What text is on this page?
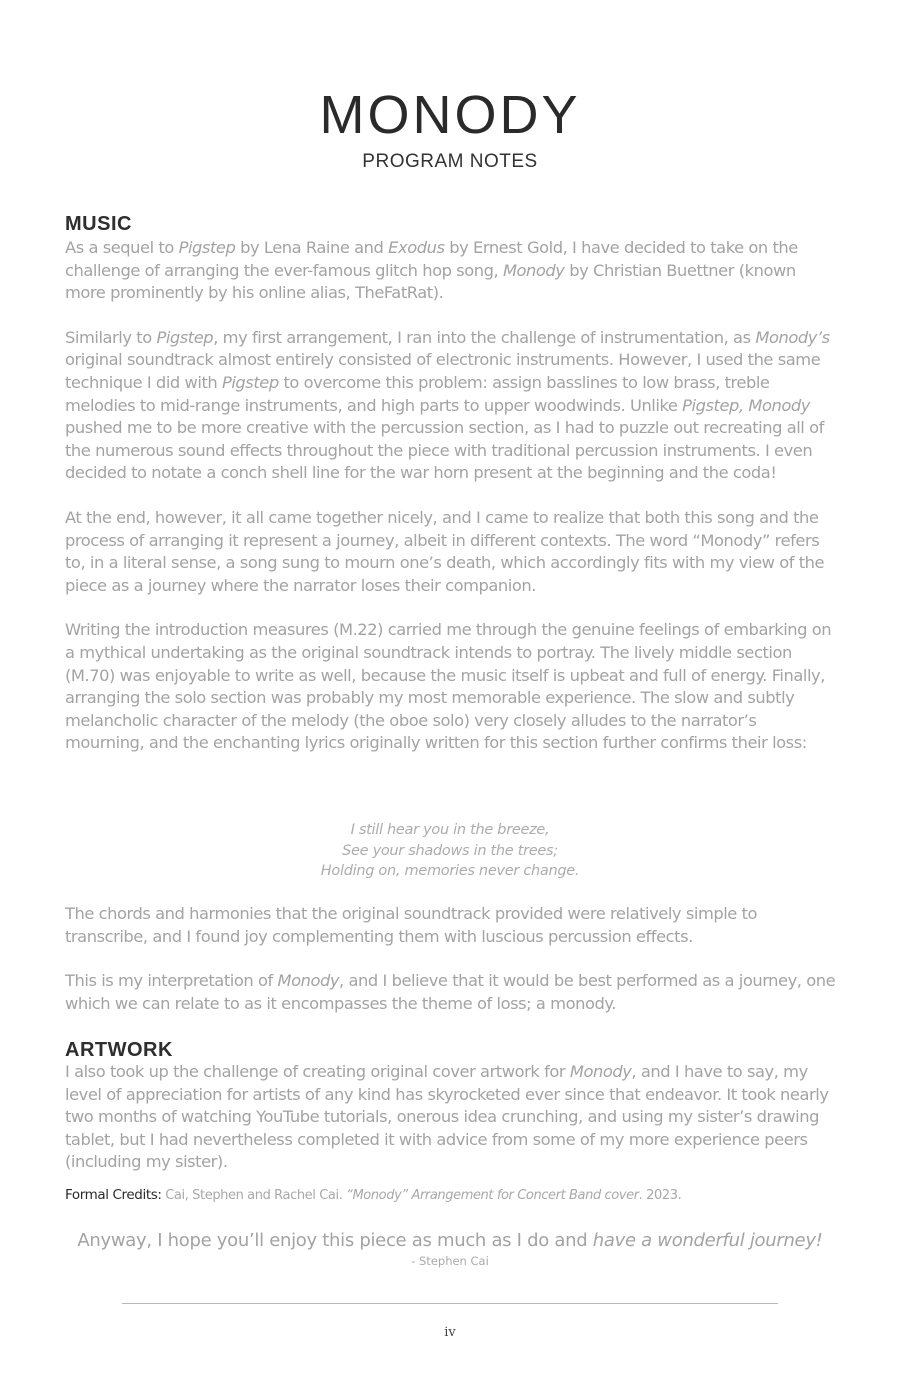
MONODY
PROGRAM NOTES
MUSIC

As a sequel to Pigstep by Lena Raine and Exodus by Ernest Gold, I have decided to take on the challenge of arranging the ever-famous glitch hop song, Monody by Christian Buettner (known more prominently by his online alias, TheFatRat).

Similarly to Pigstep, my first arrangement, I ran into the challenge of instrumentation, as Monody’s original soundtrack almost entirely consisted of electronic instruments. However, I used the same technique I did with Pigstep to overcome this problem: assign basslines to low brass, treble melodies to mid-range instruments, and high parts to upper woodwinds. Unlike Pigstep, Monody pushed me to be more creative with the percussion section, as I had to puzzle out recreating all of the numerous sound effects throughout the piece with traditional percussion instruments. I even decided to notate a conch shell line for the war horn present at the beginning and the coda!

At the end, however, it all came together nicely, and I came to realize that both this song and the process of arranging it represent a journey, albeit in different contexts. The word “Monody” refers to, in a literal sense, a song sung to mourn one’s death, which accordingly fits with my view of the piece as a journey where the narrator loses their companion.

Writing the introduction measures (M.22) carried me through the genuine feelings of embarking on a mythical undertaking as the original soundtrack intends to portray. The lively middle section (M.70) was enjoyable to write as well, because the music itself is upbeat and full of energy. Finally, arranging the solo section was probably my most memorable experience. The slow and subtly melancholic character of the melody (the oboe solo) very closely alludes to the narrator’s mourning, and the enchanting lyrics originally written for this section further confirms their loss:

I still hear you in the breeze,
See your shadows in the trees;
Holding on, memories never change.

The chords and harmonies that the original soundtrack provided were relatively simple to transcribe, and I found joy complementing them with luscious percussion effects.

This is my interpretation of Monody, and I believe that it would be best performed as a journey, one which we can relate to as it encompasses the theme of loss; a monody.

ARTWORK

I also took up the challenge of creating original cover artwork for Monody, and I have to say, my level of appreciation for artists of any kind has skyrocketed ever since that endeavor. It took nearly two months of watching YouTube tutorials, onerous idea crunching, and using my sister’s drawing tablet, but I had nevertheless completed it with advice from some of my more experience peers (including my sister).

Formal Credits: Cai, Stephen and Rachel Cai. “Monody” Arrangement for Concert Band cover. 2023.
Anyway, I hope you’ll enjoy this piece as much as I do and have a wonderful journey!
- Stephen Cai
iv
